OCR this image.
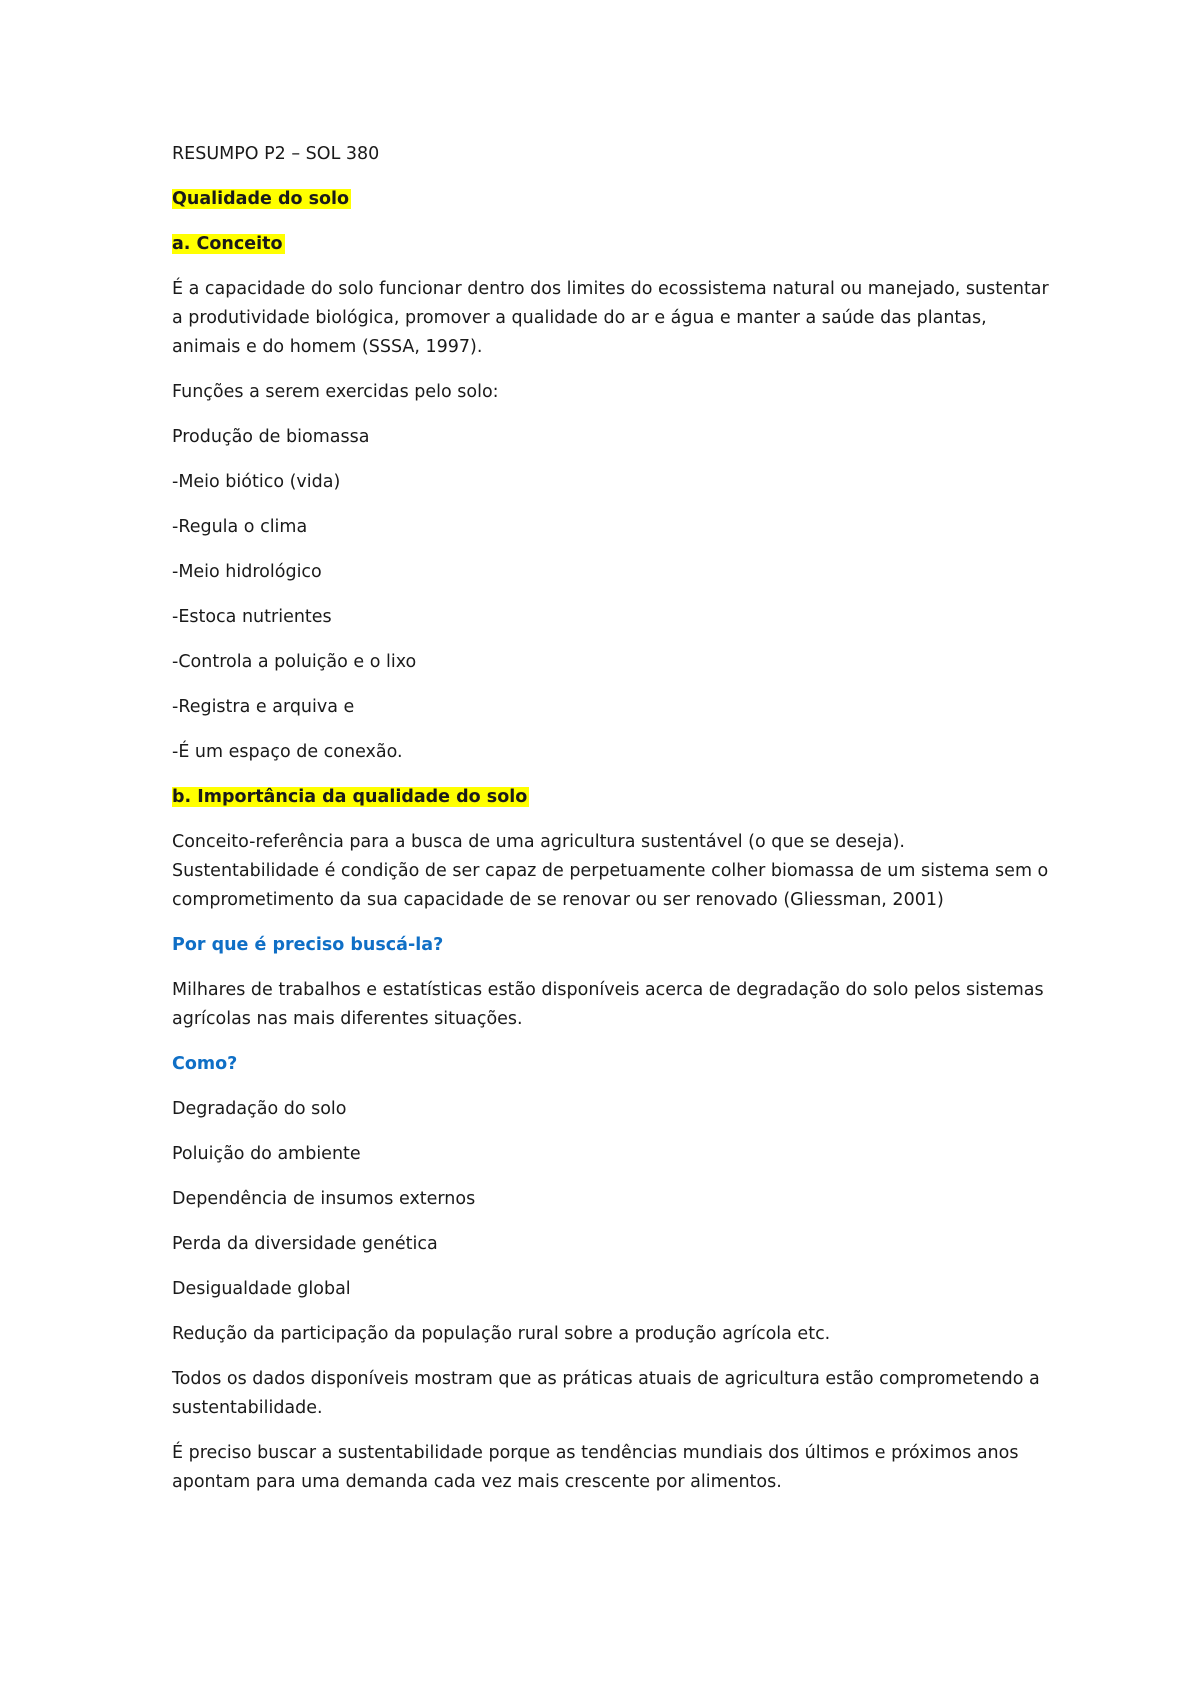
RESUMPO P2 – SOL 380

Qualidade do solo

a. Conceito

É a capacidade do solo funcionar dentro dos limites do ecossistema natural ou manejado, sustentar a produtividade biológica, promover a qualidade do ar e água e manter a saúde das plantas, animais e do homem (SSSA, 1997).

Funções a serem exercidas pelo solo:

Produção de biomassa

-Meio biótico (vida)

-Regula o clima

-Meio hidrológico

-Estoca nutrientes

-Controla a poluição e o lixo

-Registra e arquiva e

-É um espaço de conexão.

b. Importância da qualidade do solo

Conceito-referência para a busca de uma agricultura sustentável (o que se deseja). Sustentabilidade é condição de ser capaz de perpetuamente colher biomassa de um sistema sem o comprometimento da sua capacidade de se renovar ou ser renovado (Gliessman, 2001)

Por que é preciso buscá-la?

Milhares de trabalhos e estatísticas estão disponíveis acerca de degradação do solo pelos sistemas agrícolas nas mais diferentes situações.

Como?

Degradação do solo

Poluição do ambiente

Dependência de insumos externos

Perda da diversidade genética

Desigualdade global

Redução da participação da população rural sobre a produção agrícola etc.

Todos os dados disponíveis mostram que as práticas atuais de agricultura estão comprometendo a sustentabilidade.

É preciso buscar a sustentabilidade porque as tendências mundiais dos últimos e próximos anos apontam para uma demanda cada vez mais crescente por alimentos.
